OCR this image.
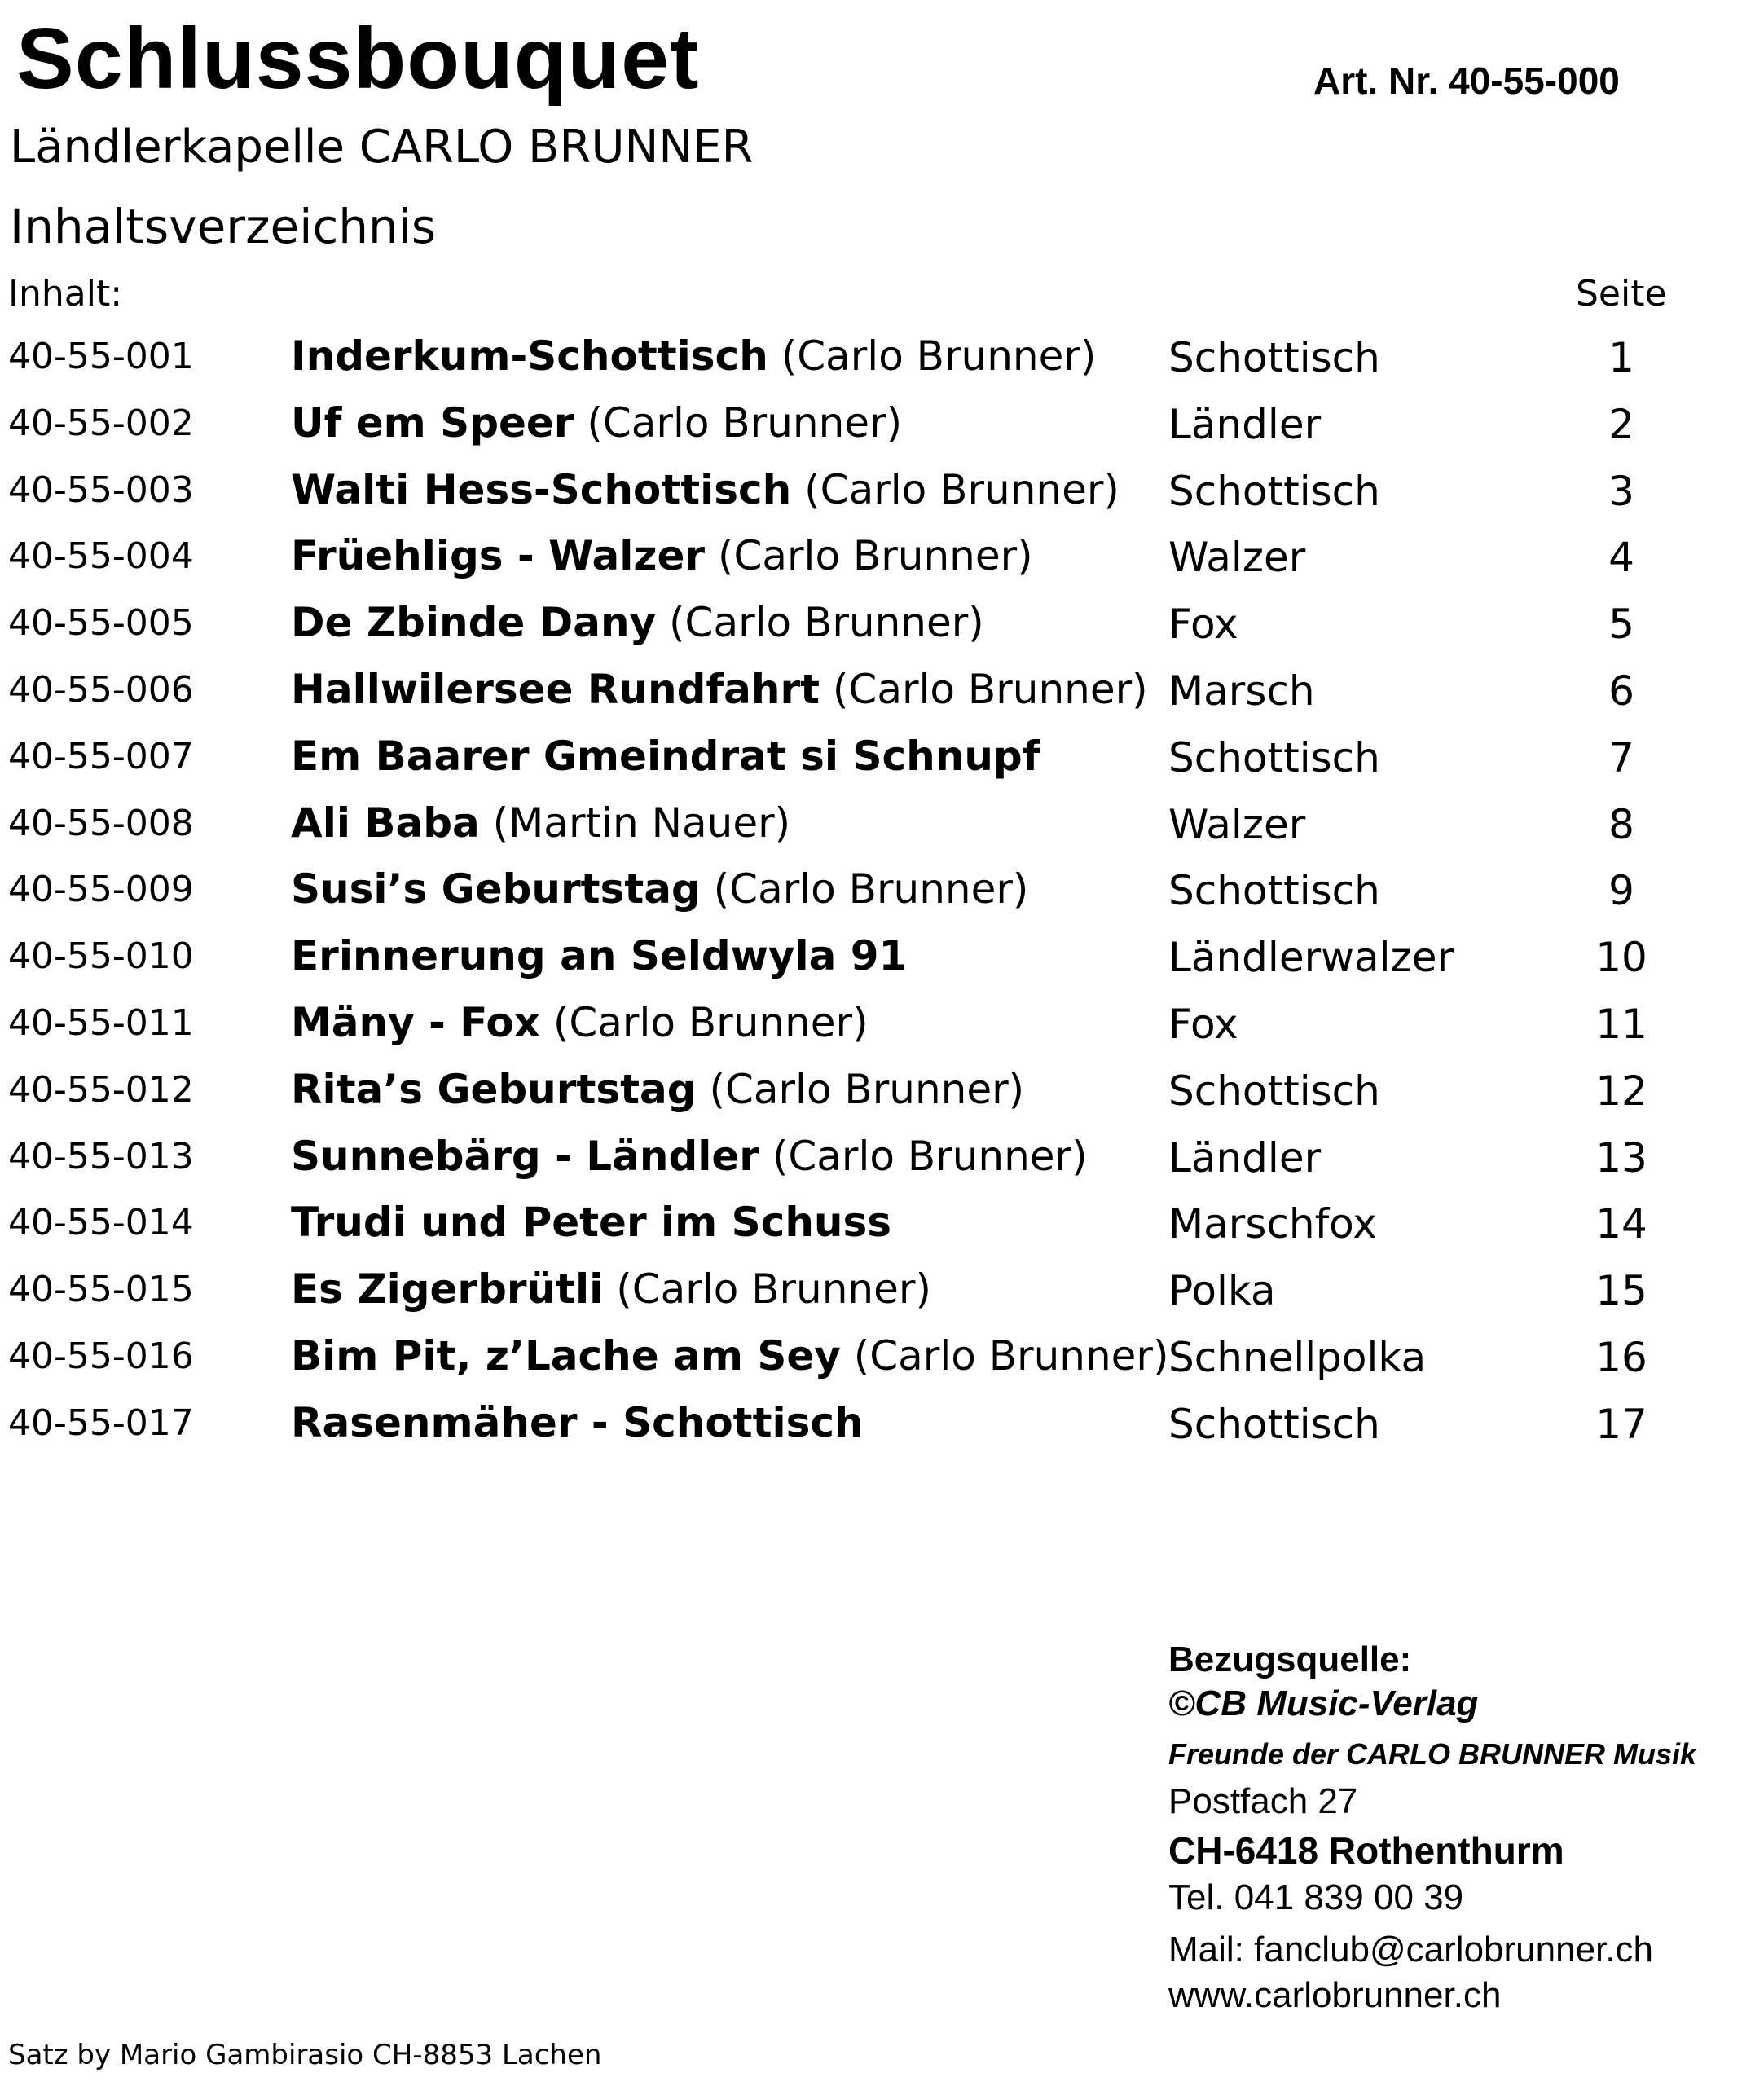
Schlussbouquet	Art. Nr. 40-55-000
Ländlerkapelle CARLO BRUNNER
Inhaltsverzeichnis
Inhalt:	Seite
40-55-001 Inderkum-Schottisch (Carlo Brunner) Schottisch	1
40-55-002 Uf em Speer (Carlo Brunner)	Ländler	2
40-55-003 Walti Hess-Schottisch (Carlo Brunner) Schottisch	3
40-55-004 Früehligs - Walzer (Carlo Brunner)	Walzer	4
40-55-005 De Zbinde Dany (Carlo Brunner)	Fox	5
40-55-006 Hallwilersee Rundfahrt (Carlo Brunner) Marsch	6
40-55-007 Em Baarer Gmeindrat si Schnupf	Schottisch	7
40-55-008 Ali Baba (Martin Nauer)	Walzer	8
40-55-009 Susi’s Geburtstag (Carlo Brunner)	Schottisch	9
40-55-010 Erinnerung an Seldwyla 91	Ländlerwalzer	10
40-55-011 Mäny - Fox (Carlo Brunner)	Fox	11
40-55-012 Rita’s Geburtstag (Carlo Brunner)	Schottisch	12
40-55-013 Sunnebärg - Ländler (Carlo Brunner) Ländler	13
40-55-014 Trudi und Peter im Schuss	Marschfox	14
40-55-015 Es Zigerbrütli (Carlo Brunner)	Polka	15
40-55-016 Bim Pit, z’Lache am Sey (Carlo Brunner) Schnellpolka	16
40-55-017 Rasenmäher - Schottisch	Schottisch	17
Bezugsquelle:
©CB Music-Verlag
Freunde der CARLO BRUNNER Musik
Postfach 27
CH-6418 Rothenthurm
Tel. 041 839 00 39
Mail: fanclub@carlobrunner.ch
www.carlobrunner.ch
Satz by Mario Gambirasio CH-8853 Lachen
